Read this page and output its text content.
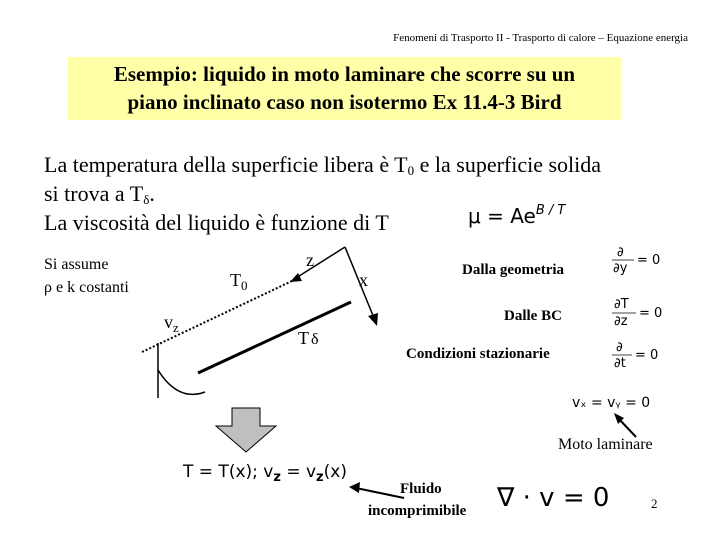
Fenomeni di Trasporto II - Trasporto di calore – Equazione energia
Esempio: liquido in moto laminare che scorre su un
piano inclinato caso non isotermo Ex 11.4-3 Bird
La temperatura della superficie libera è $T_0$ e la superficie solida
si trova a $T_\delta$.
La viscosità del liquido è funzione di T	$\mu = Ae^{B / T}$
Si assume
ρ e k costanti	$T_0$
z
x
$v_z$
T δ
Dalla geometria
Dalle BC
Condizioni stazionarie
∂
∂y
= 0
∂T
∂z
= 0
∂
∂t
= 0
vₓ = vᵧ = 0
Moto laminare
T = T(x); $v_z = v_z(x)$
Fluido
incomprimibile ∇ · v = 0	2
